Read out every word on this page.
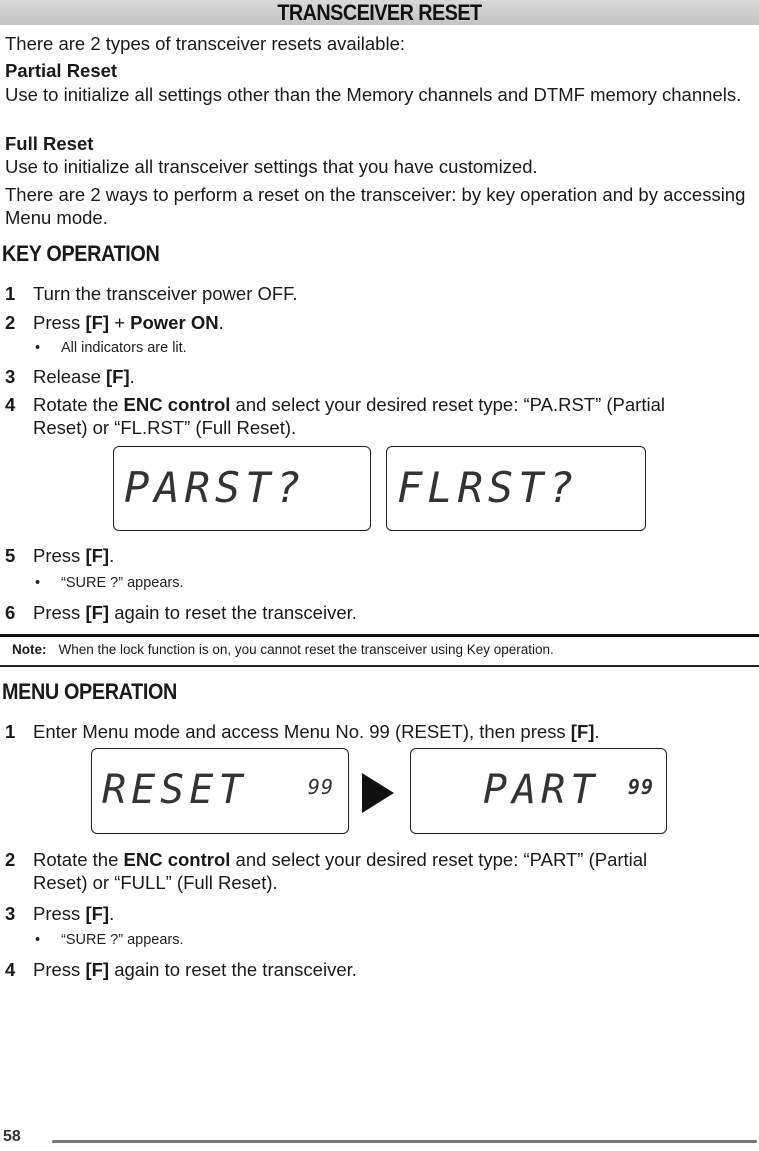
TRANSCEIVER RESET
There are 2 types of transceiver resets available:
Partial Reset
Use to initialize all settings other than the Memory channels and DTMF memory channels.
Full Reset
Use to initialize all transceiver settings that you have customized.
There are 2 ways to perform a reset on the transceiver: by key operation and by accessing Menu mode.
KEY OPERATION
1 Turn the transceiver power OFF.
2 Press [F] + Power ON.
• All indicators are lit.
3 Release [F].
4 Rotate the ENC control and select your desired reset type: “PA.RST” (Partial
Reset) or “FL.RST” (Full Reset).
PARST? FLRST?
5 Press [F].
• “SURE ?” appears.
6 Press [F] again to reset the transceiver.
Note: When the lock function is on, you cannot reset the transceiver using Key operation.
MENU OPERATION
1 Enter Menu mode and access Menu No. 99 (RESET), then press [F].
RESET	99	PART 99
2 Rotate the ENC control and select your desired reset type: “PART” (Partial
Reset) or “FULL” (Full Reset).
3 Press [F].
• “SURE ?” appears.
4 Press [F] again to reset the transceiver.
58
